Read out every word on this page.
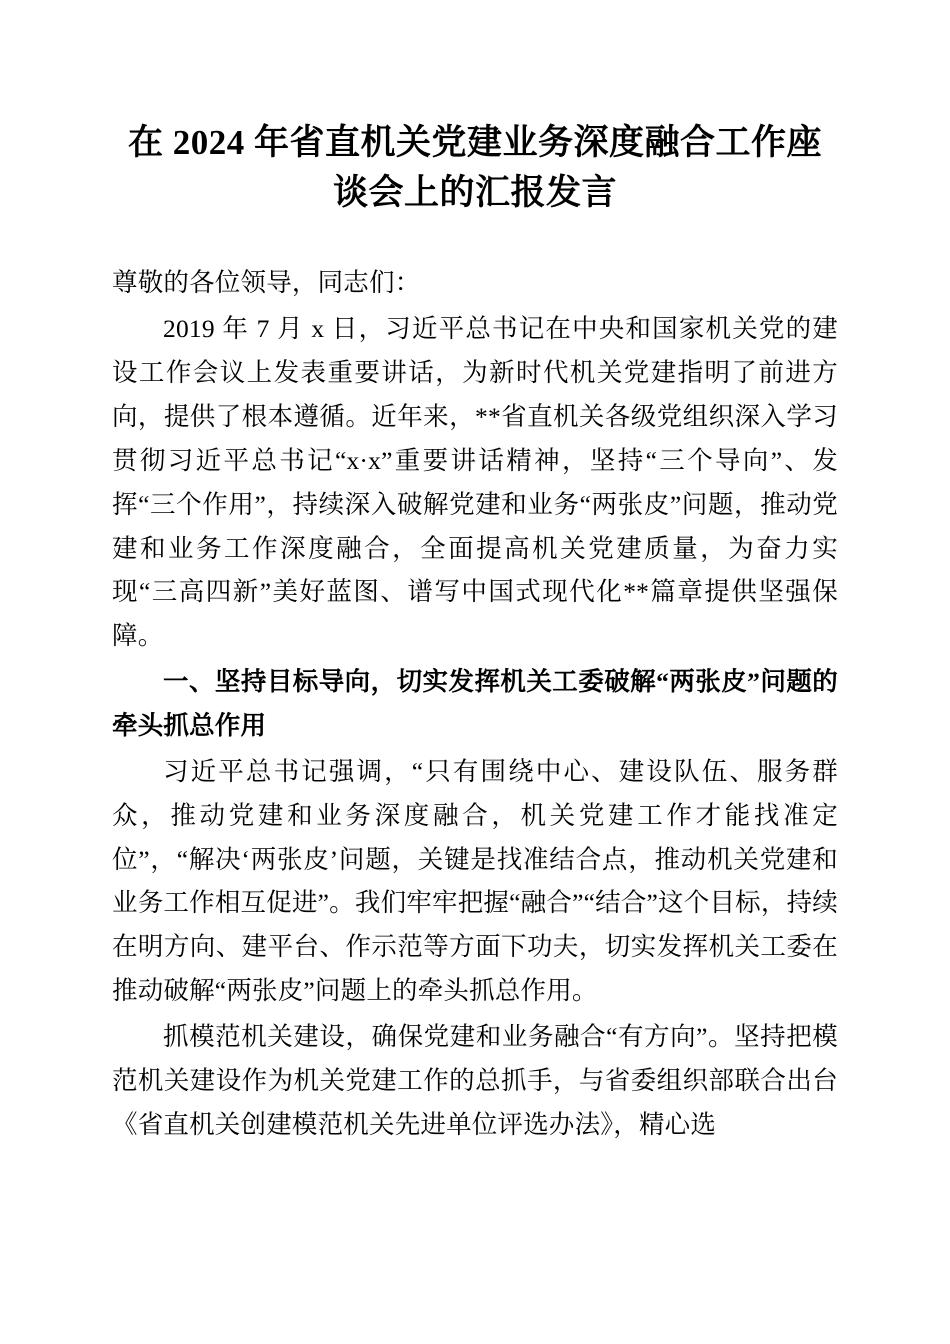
在 2024 年省直机关党建业务深度融合工作座谈会上的汇报发言

尊敬的各位领导，同志们：

2019 年 7 月 x 日，习近平总书记在中央和国家机关党的建设工作会议上发表重要讲话，为新时代机关党建指明了前进方向，提供了根本遵循。近年来，**省直机关各级党组织深入学习贯彻习近平总书记“x·x”重要讲话精神，坚持“三个导向”、发挥“三个作用”，持续深入破解党建和业务“两张皮”问题，推动党建和业务工作深度融合，全面提高机关党建质量，为奋力实现“三高四新”美好蓝图、谱写中国式现代化**篇章提供坚强保障。

一、坚持目标导向，切实发挥机关工委破解“两张皮”问题的牵头抓总作用

习近平总书记强调，“只有围绕中心、建设队伍、服务群众，推动党建和业务深度融合，机关党建工作才能找准定位”，“解决‘两张皮’问题，关键是找准结合点，推动机关党建和业务工作相互促进”。我们牢牢把握“融合”“结合”这个目标，持续在明方向、建平台、作示范等方面下功夫，切实发挥机关工委在推动破解“两张皮”问题上的牵头抓总作用。

抓模范机关建设，确保党建和业务融合“有方向”。坚持把模范机关建设作为机关党建工作的总抓手，与省委组织部联合出台《省直机关创建模范机关先进单位评选办法》，精心选
